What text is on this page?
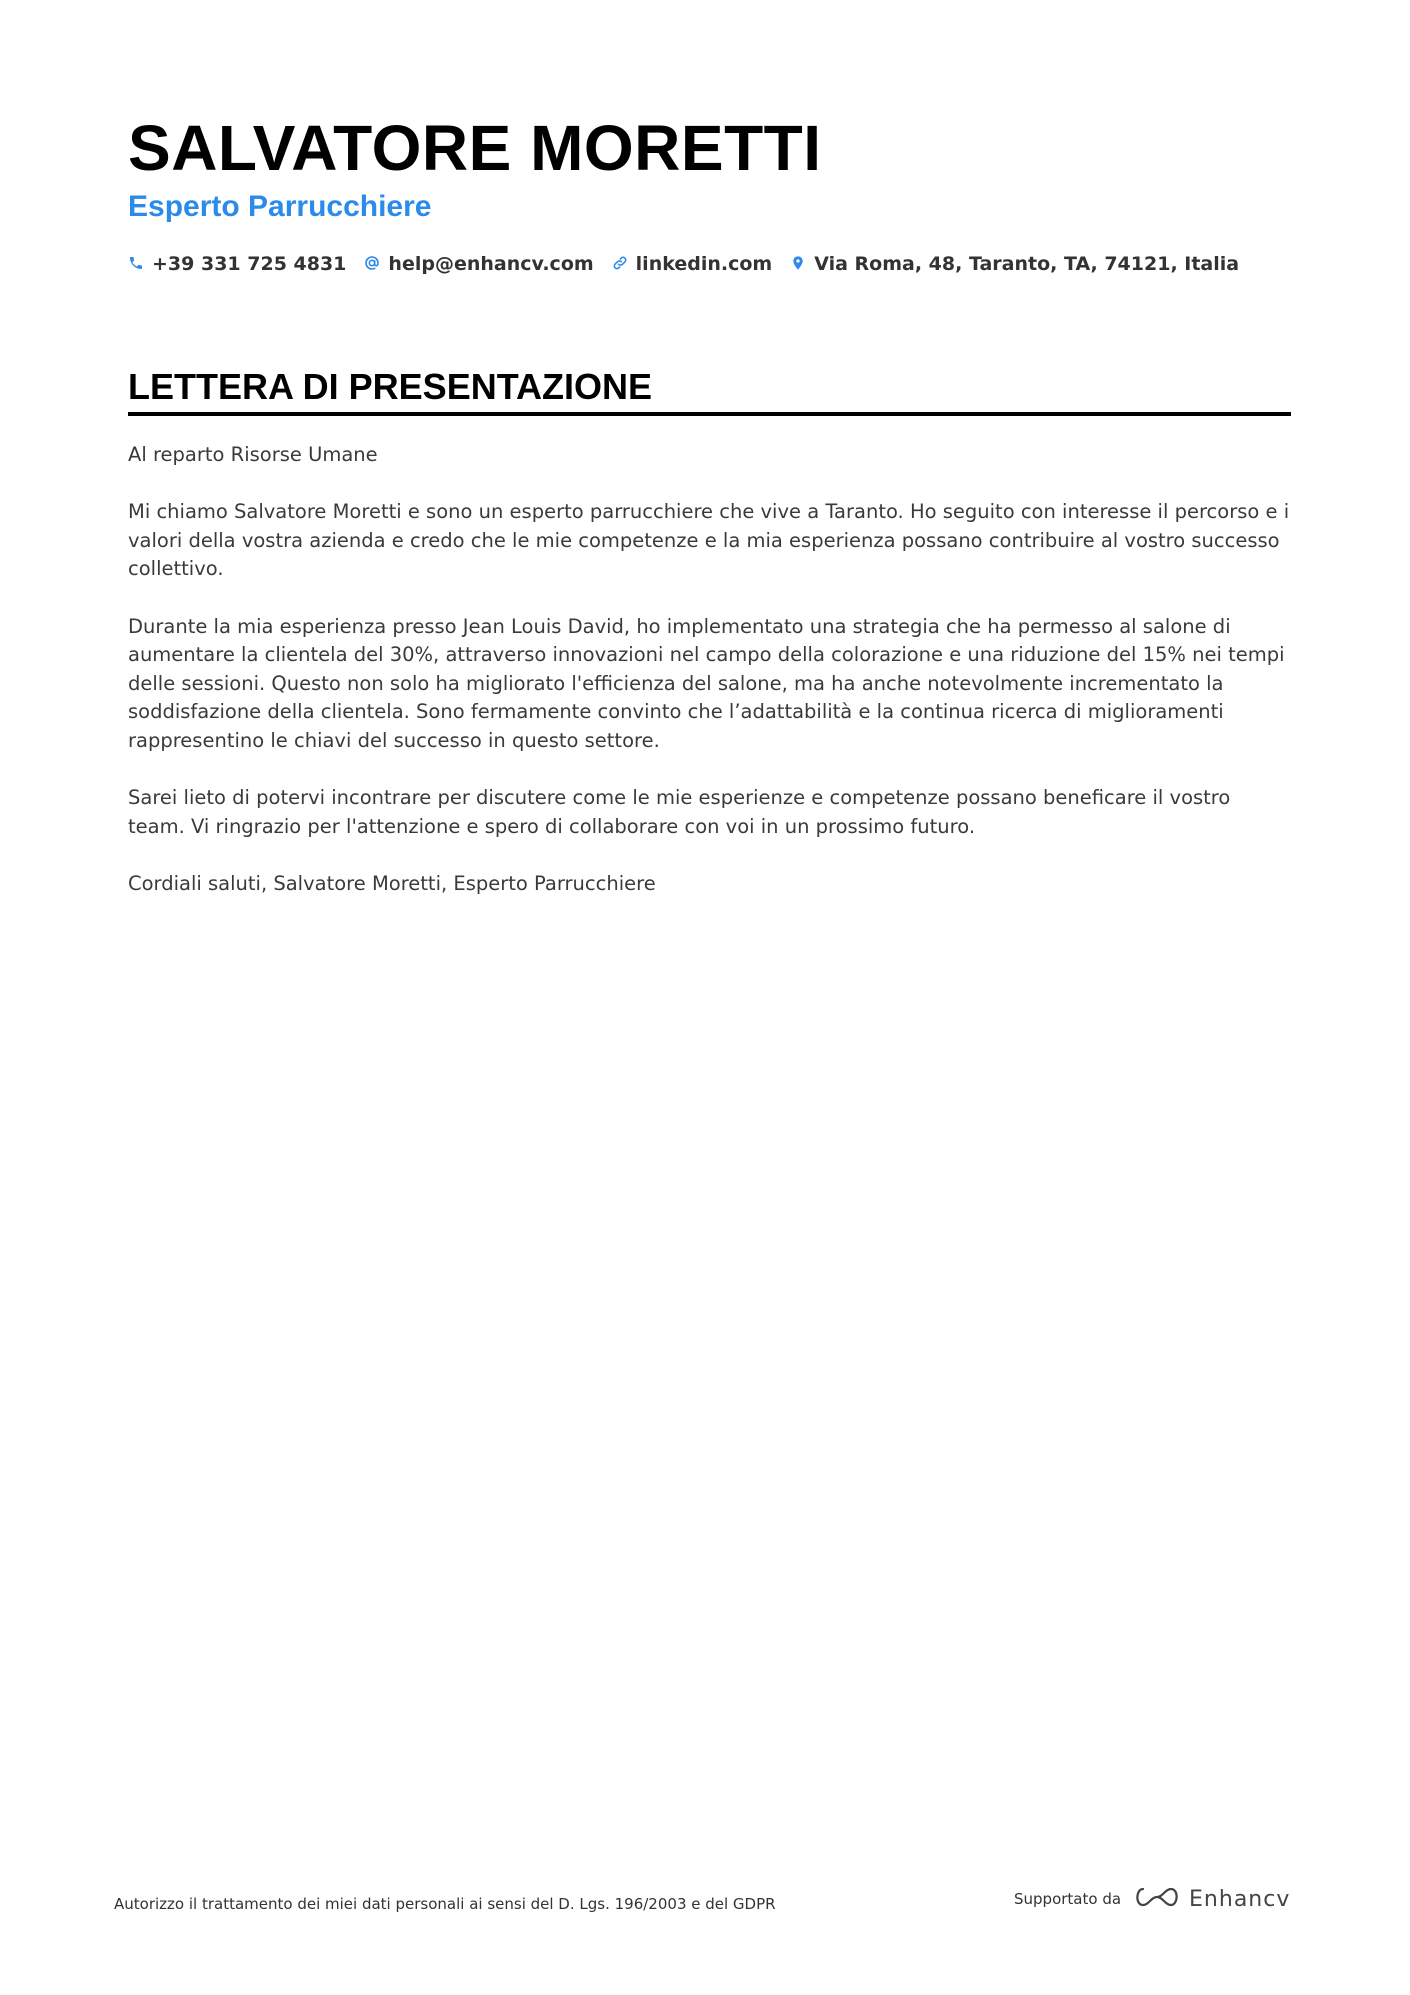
SALVATORE MORETTI
Esperto Parrucchiere
+39 331 725 4831 help@enhancv.com linkedin.com Via Roma, 48, Taranto, TA, 74121, Italia
LETTERA DI PRESENTAZIONE

Al reparto Risorse Umane

Mi chiamo Salvatore Moretti e sono un esperto parrucchiere che vive a Taranto. Ho seguito con interesse il percorso e i valori della vostra azienda e credo che le mie competenze e la mia esperienza possano contribuire al vostro successo collettivo.

Durante la mia esperienza presso Jean Louis David, ho implementato una strategia che ha permesso al salone di aumentare la clientela del 30%, attraverso innovazioni nel campo della colorazione e una riduzione del 15% nei tempi delle sessioni. Questo non solo ha migliorato l'efficienza del salone, ma ha anche notevolmente incrementato la soddisfazione della clientela. Sono fermamente convinto che l’adattabilità e la continua ricerca di miglioramenti rappresentino le chiavi del successo in questo settore.

Sarei lieto di potervi incontrare per discutere come le mie esperienze e competenze possano beneficare il vostro team. Vi ringrazio per l'attenzione e spero di collaborare con voi in un prossimo futuro.

Cordiali saluti, Salvatore Moretti, Esperto Parrucchiere

Autorizzo il trattamento dei miei dati personali ai sensi del D. Lgs. 196/2003 e del GDPR	Supportato da	Enhancv
